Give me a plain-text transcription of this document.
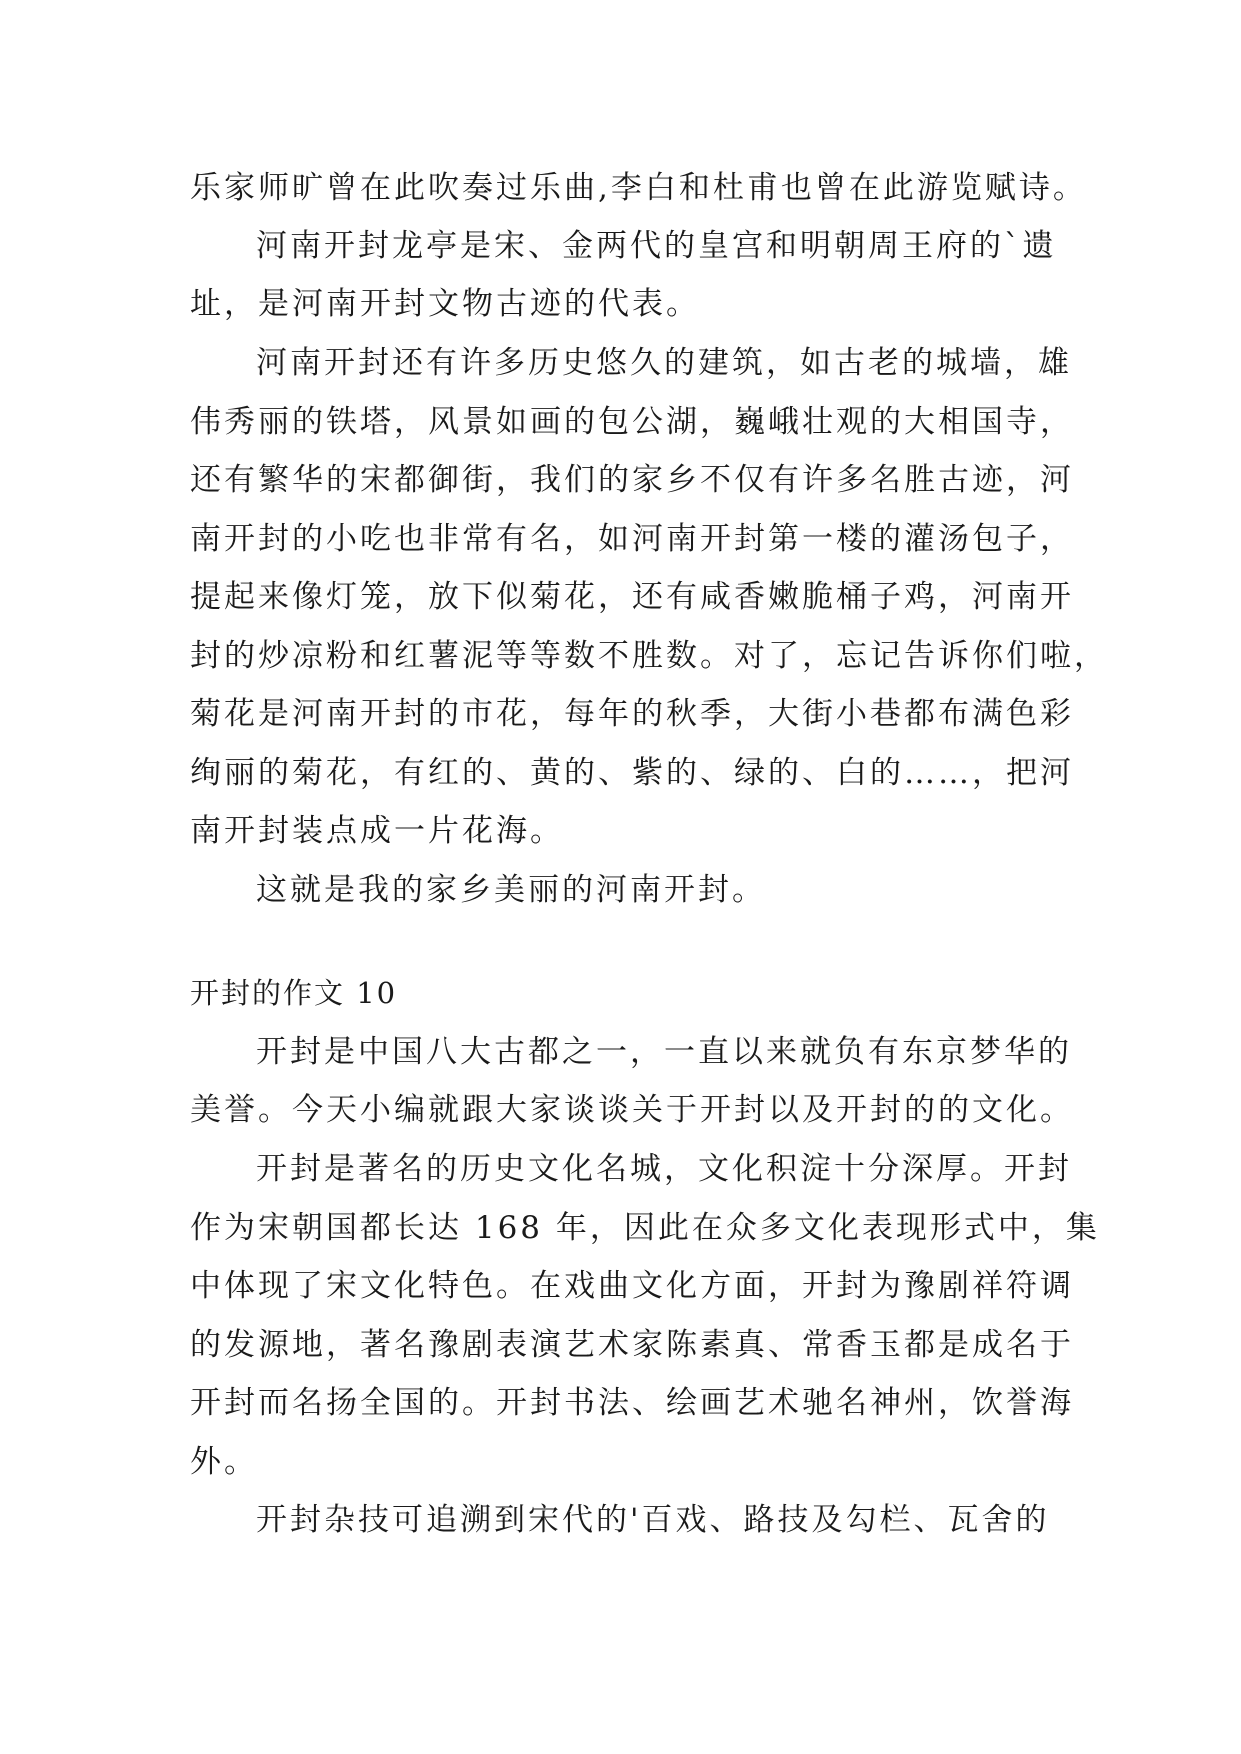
乐家师旷曾在此吹奏过乐曲,李白和杜甫也曾在此游览赋诗。
河南开封龙亭是宋、金两代的皇宫和明朝周王府的`遗
址，是河南开封文物古迹的代表。
河南开封还有许多历史悠久的建筑，如古老的城墙，雄
伟秀丽的铁塔，风景如画的包公湖，巍峨壮观的大相国寺，
还有繁华的宋都御街，我们的家乡不仅有许多名胜古迹，河
南开封的小吃也非常有名，如河南开封第一楼的灌汤包子，
提起来像灯笼，放下似菊花，还有咸香嫩脆桶子鸡，河南开
封的炒凉粉和红薯泥等等数不胜数。对了，忘记告诉你们啦，
菊花是河南开封的市花，每年的秋季，大街小巷都布满色彩
绚丽的菊花，有红的、黄的、紫的、绿的、白的……，把河
南开封装点成一片花海。
这就是我的家乡美丽的河南开封。
开封的作文 10
开封是中国八大古都之一，一直以来就负有东京梦华的
美誉。今天小编就跟大家谈谈关于开封以及开封的的文化。
开封是著名的历史文化名城，文化积淀十分深厚。开封
作为宋朝国都长达 168 年，因此在众多文化表现形式中，集
中体现了宋文化特色。在戏曲文化方面，开封为豫剧祥符调
的发源地，著名豫剧表演艺术家陈素真、常香玉都是成名于
开封而名扬全国的。开封书法、绘画艺术驰名神州，饮誉海
外。
开封杂技可追溯到宋代的'百戏、路技及勾栏、瓦舍的
